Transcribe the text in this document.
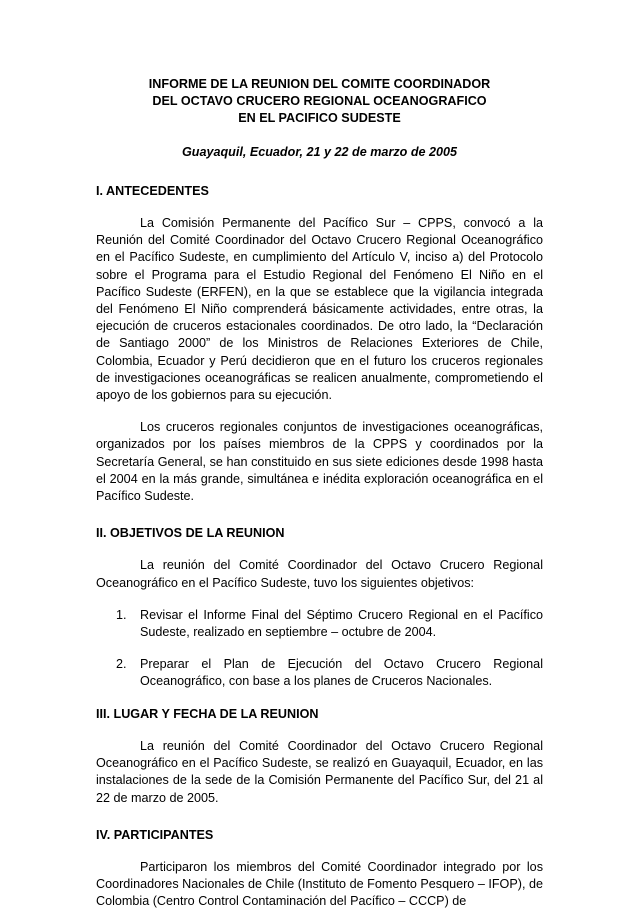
INFORME DE LA REUNION DEL COMITE COORDINADOR
DEL OCTAVO CRUCERO REGIONAL OCEANOGRAFICO
EN EL PACIFICO SUDESTE

Guayaquil, Ecuador, 21 y 22 de marzo de 2005

I. ANTECEDENTES

La Comisión Permanente del Pacífico Sur – CPPS, convocó a la Reunión del Comité Coordinador del Octavo Crucero Regional Oceanográfico en el Pacífico Sudeste, en cumplimiento del Artículo V, inciso a) del Protocolo sobre el Programa para el Estudio Regional del Fenómeno El Niño en el Pacífico Sudeste (ERFEN), en la que se establece que la vigilancia integrada del Fenómeno El Niño comprenderá básicamente actividades, entre otras, la ejecución de cruceros estacionales coordinados. De otro lado, la “Declaración de Santiago 2000” de los Ministros de Relaciones Exteriores de Chile, Colombia, Ecuador y Perú decidieron que en el futuro los cruceros regionales de investigaciones oceanográficas se realicen anualmente, comprometiendo el apoyo de los gobiernos para su ejecución.

Los cruceros regionales conjuntos de investigaciones oceanográficas, organizados por los países miembros de la CPPS y coordinados por la Secretaría General, se han constituido en sus siete ediciones desde 1998 hasta el 2004 en la más grande, simultánea e inédita exploración oceanográfica en el Pacífico Sudeste.

II. OBJETIVOS DE LA REUNION

La reunión del Comité Coordinador del Octavo Crucero Regional Oceanográfico en el Pacífico Sudeste, tuvo los siguientes objetivos:

1. Revisar el Informe Final del Séptimo Crucero Regional en el Pacífico Sudeste, realizado en septiembre – octubre de 2004.
2. Preparar el Plan de Ejecución del Octavo Crucero Regional Oceanográfico, con base a los planes de Cruceros Nacionales.

III. LUGAR Y FECHA DE LA REUNION

La reunión del Comité Coordinador del Octavo Crucero Regional Oceanográfico en el Pacífico Sudeste, se realizó en Guayaquil, Ecuador, en las instalaciones de la sede de la Comisión Permanente del Pacífico Sur, del 21 al 22 de marzo de 2005.

IV. PARTICIPANTES

Participaron los miembros del Comité Coordinador integrado por los Coordinadores Nacionales de Chile (Instituto de Fomento Pesquero – IFOP), de Colombia (Centro Control Contaminación del Pacífico – CCCP) de
